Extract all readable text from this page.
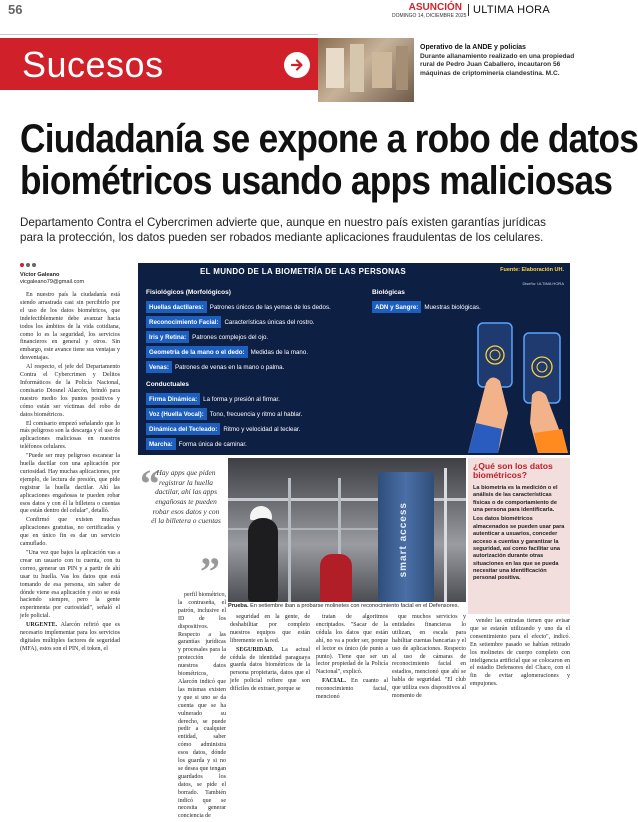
56	ASUNCIÓN
DOMINGO 14, DICIEMBRE 2025 ULTIMA HORA
Sucesos	Operativo de la ANDE y policías
Durante allanamiento realizado en una propiedad rural de Pedro Juan Caballero, incautaron 56 máquinas de criptominería clandestina. M.C.
Ciudadanía se expone a robo de datos
biométricos usando apps maliciosas
Departamento Contra el Cybercrimen advierte que, aunque en nuestro país existen garantías jurídicas para la protección, los datos pueden ser robados mediante aplicaciones fraudulentas de los celulares.
Víctor Galeano
vicgaleano79@gmail.com

En nuestro país la ciudadanía está siendo arrastrada casi sin percibirlo por el uso de los datos biométricos, que indefectiblemente debe avanzar hacia todos los ámbitos de la vida cotidiana, como lo es la seguridad, los servicios financieros en general y otros. Sin embargo, este avance tiene sus ventajas y desventajas.

Al respecto, el jefe del Departamento Contra el Cybercrimen y Delitos Informáticos de la Policía Nacional, comisario Diosnel Alarcón, brindó para nuestro medio los puntos positivos y cómo están ser víctimas del robo de datos biométricos.

El comisario empezó señalando que lo más peligroso son la descarga y el uso de aplicaciones maliciosas en nuestros teléfonos celulares.

"Puede ser muy peligroso escanear la huella dactilar con una aplicación por curiosidad. Hay muchas aplicaciones, por ejemplo, de lectura de presión, que pide registrar la huella dactilar. Ahí las aplicaciones engañosas te pueden robar esos datos y con él la billetera o cuentas que están dentro del celular", detalló.

Confirmó que existen muchas aplicaciones gratuitas, no certificadas y que en único fin es dar un servicio camuflado.

"Una vez que bajes la aplicación vas a crear un usuario con tu cuenta, con tu correo, generar un PIN y a partir de ahí usar tu huella. Vas los datos que está tomando de esa persona, sin saber de dónde viene esa aplicación y esto se está haciendo siempre, pero la gente experimenta por curiosidad", señaló el jefe policial.

URGENTE. Alarcón refirió que es necesario implementar para los servicios digitales múltiples factores de seguridad (MFA), estos son el PIN, el token, el

EL MUNDO DE LA BIOMETRÍA DE LAS PERSONAS	Fuente: Elaboración UH.
Diseño: ULTIMA HORA
Fisiológicos (Morfológicos)
Huellas dactilares: Patrones únicos de las yemas de los dedos.
Reconocimiento Facial: Características únicas del rostro.
Iris y Retina: Patrones complejos del ojo.
Geometría de la mano o el dedo: Medidas de la mano.
Venas: Patrones de venas en la mano o palma.
Biológicas
ADN y Sangre: Muestras biológicas.
Conductuales
Firma Dinámica: La forma y presión al firmar.
Voz (Huella Vocal): Tono, frecuencia y ritmo al hablar.
Dinámica del Tecleado: Ritmo y velocidad al teclear.
Marcha: Forma única de caminar.
“
Hay apps que piden registrar la huella dactilar, ahí las apps engañosas te pueden robar esos datos y con él la billetera o cuentas
”	smart access
Prueba. En setiembre iban a probarse molinetes con reconocimiento facial en el Defensores.
¿Qué son los datos biométricos?

La biometría es la medición o el análisis de las características físicas o de comportamiento de una persona para identificarla.

Los datos biométricos almacenados se pueden usar para autenticar a usuarios, conceder acceso a cuentas y garantizar la seguridad, así como facilitar una autorización durante otras situaciones en las que se pueda necesitar una identificación personal positiva.

perfil biométrico, la contraseña, el patrón, inclusive el ID de los dispositivos. Respecto a las garantías jurídicas y procesales para la protección de nuestros datos biométricos, Alarcón indicó que las mismas existen y que si uno se da cuenta que se ha vulnerado su derecho, se puede pedir a cualquier entidad, saber cómo administra esos datos, dónde los guarda y si no se desea que tengan guardados los datos, se pide el borrado. También indicó que se necesita generar conciencia de

seguridad en la gente, de deshabilitar por completo nuestros equipos que están libremente en la red.

SEGURIDAD. La actual cédula de identidad paraguaya guarda datos biométricos de la persona propietaria, datos que el jefe policial refiere que son difíciles de extraer, porque se

tratan de algoritmos encriptados. "Sacar de la cédula los datos que están ahí, no va a poder ser, porque el lector es único (de punto a punto). Tiene que ser un lector propiedad de la Policía Nacional", explicó.

FACIAL. En cuanto al reconocimiento facial, mencionó

que muchos servicios y entidades financieras lo utilizan, en escala para habilitar cuentas bancarias y el uso de aplicaciones. Respecto al uso de cámaras de reconocimiento facial en estadios, mencionó que ahí se habla de seguridad. "El club que utiliza esos dispositivos al momento de

vender las entradas tienen que avisar que se estarán utilizando y uno da el consentimiento para el efecto", indicó. En setiembre pasado se habían retirado los molinetes de cuerpo completo con inteligencia artificial que se colocaron en el estadio Defensores del Chaco, con el fin de evitar aglomeraciones y empujones.
